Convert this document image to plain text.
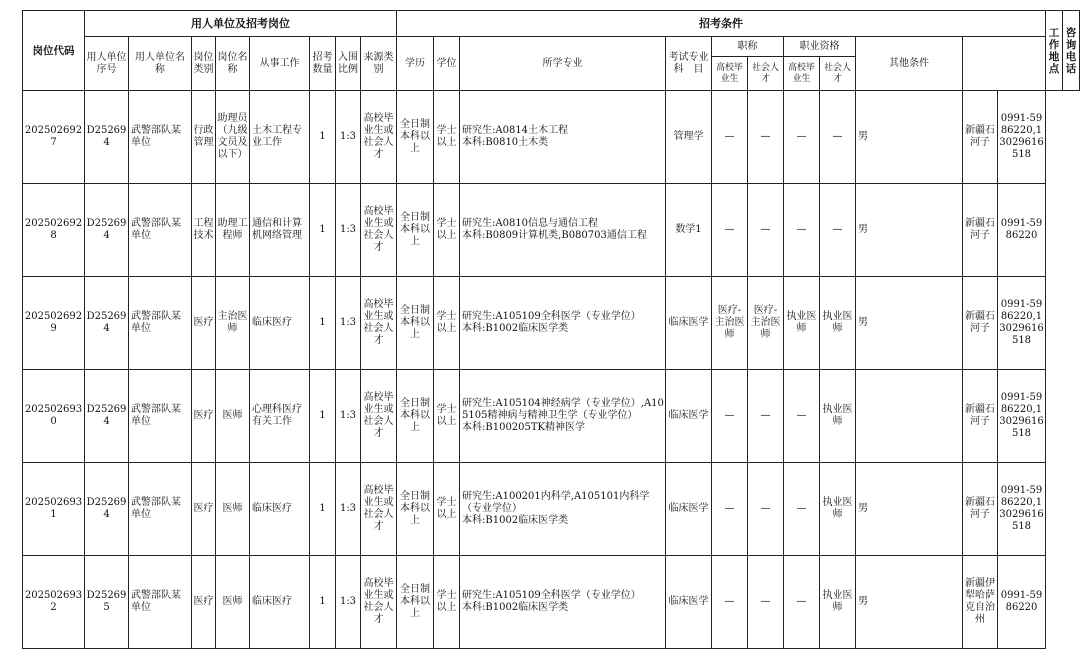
岗位代码	用人单位及招考岗位								招考条件											工作地点	咨询电话
	用人单位序号	用人单位名　称	岗位类别	岗位名称	从事工作	招考数量	入围比例	来源类别	学历	学位	所学专业	考试专业科　目	职称		职业资格		其他条件				
													高校毕业生	社会人才	高校毕业生	社会人才					
2025026927	D252694	武警部队某单位	行政管理	助理员（九级文员及以下）	土木工程专业工作	1	1:3	高校毕业生或社会人才	全日制本科以上	学士以上	研究生:A0814土木工程
本科:B0810土木类	管理学	—	—	—	—	男	新疆石河子	0991-5986220,13029616518		
2025026928	D252694	武警部队某单位	工程技术	助理工程师	通信和计算机网络管理	1	1:3	高校毕业生或社会人才	全日制本科以上	学士以上	研究生:A0810信息与通信工程
本科:B0809计算机类,B080703通信工程	数学1	—	—	—	—	男	新疆石河子	0991-5986220		
2025026929	D252694	武警部队某单位	医疗	主治医师	临床医疗	1	1:3	高校毕业生或社会人才	全日制本科以上	学士以上	研究生:A105109全科医学（专业学位）
本科:B1002临床医学类	临床医学	医疗-主治医师	医疗-主治医师	执业医师	执业医师	男	新疆石河子	0991-5986220,13029616518		
2025026930	D252694	武警部队某单位	医疗	医师	心理科医疗有关工作	1	1:3	高校毕业生或社会人才	全日制本科以上	学士以上	研究生:A105104神经病学（专业学位）,A105105精神病与精神卫生学（专业学位）
本科:B100205TK精神医学	临床医学	—	—	—	执业医师		新疆石河子	0991-5986220,13029616518		
2025026931	D252694	武警部队某单位	医疗	医师	临床医疗	1	1:3	高校毕业生或社会人才	全日制本科以上	学士以上	研究生:A100201内科学,A105101内科学（专业学位）
本科:B1002临床医学类	临床医学	—	—	—	执业医师	男	新疆石河子	0991-5986220,13029616518		
2025026932	D252695	武警部队某单位	医疗	医师	临床医疗	1	1:3	高校毕业生或社会人才	全日制本科以上	学士以上	研究生:A105109全科医学（专业学位）
本科:B1002临床医学类	临床医学	—	—	—	执业医师	男	新疆伊犁哈萨克自治州	0991-5986220		
